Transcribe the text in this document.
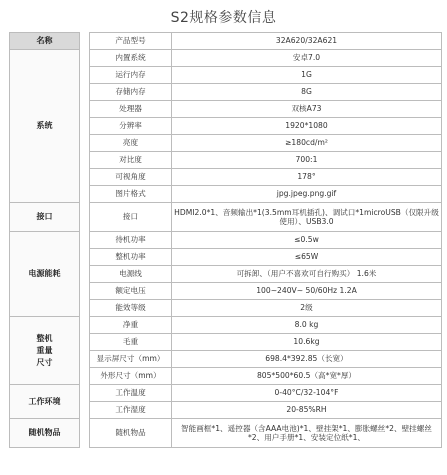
S2规格参数信息
名称		产品型号	32A620/32A621
系统		内置系统	安卓7.0
		运行内存	1G
		存储内存	8G
		处理器	双核A73
		分辨率	1920*1080
		亮度	≥180cd/m²
		对比度	700:1
		可视角度	178°
		图片格式	jpg.jpeg.png.gif
接口		接口	HDMI2.0*1、音频输出*1(3.5mm耳机插孔)、调试口*1microUSB（仅限升级使用）、USB3.0
电源能耗		待机功率	≤0.5w
		整机功率	≤65W
		电源线	可拆卸、（用户不喜欢可自行购买） 1.6米
		额定电压	100~240V~ 50/60Hz 1.2A
		能效等级	2级
整机重量尺寸		净重	8.0 kg
		毛重	10.6kg
		显示屏尺寸（mm）	698.4*392.85（长宽）
		外形尺寸（mm）	805*500*60.5（高*宽*厚）
工作环境		工作温度	0-40°C/32-104°F
		工作湿度	20-85%RH
随机物品		随机物品	智能画框*1、遥控器（含AAA电池)*1、壁挂架*1、膨胀螺丝*2、壁挂螺丝*2、用户手册*1、安装定位纸*1、
